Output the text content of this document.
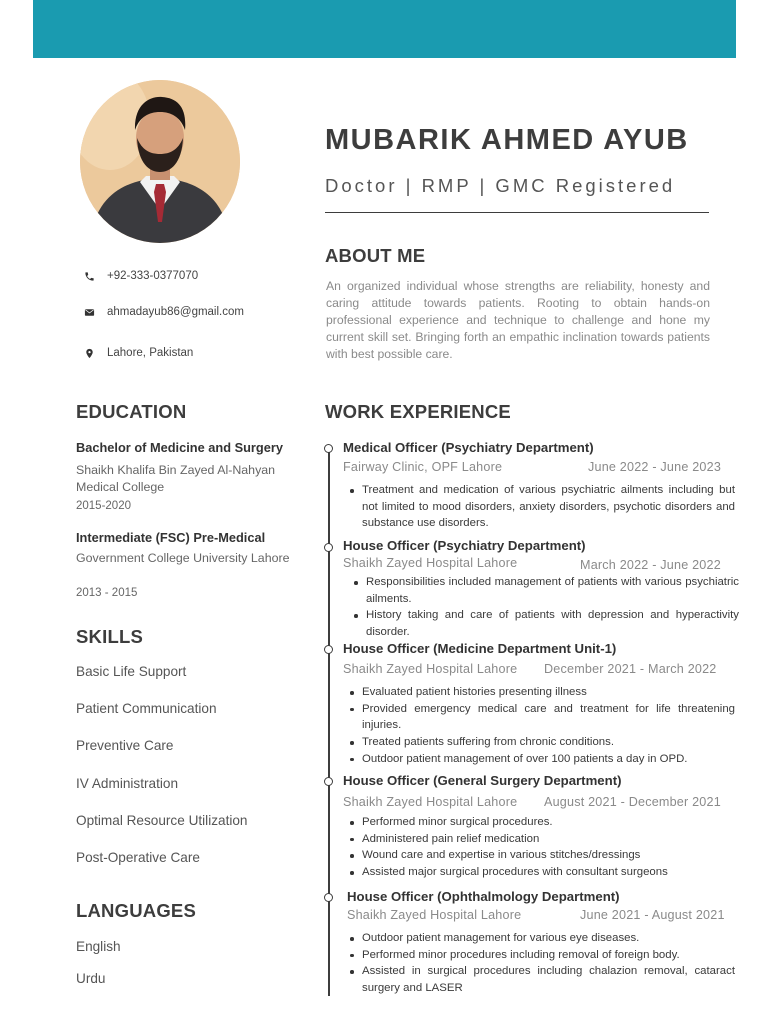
MUBARIK AHMED AYUB
Doctor | RMP | GMC Registered
+92-333-0377070
ahmadayub86@gmail.com
Lahore, Pakistan
ABOUT ME
An organized individual whose strengths are reliability, honesty and caring attitude towards patients. Rooting to obtain hands-on professional experience and technique to challenge and hone my current skill set. Bringing forth an empathic inclination towards patients with best possible care.
EDUCATION
Bachelor of Medicine and Surgery
Shaikh Khalifa Bin Zayed Al-Nahyan Medical College
2015-2020
Intermediate (FSC) Pre-Medical
Government College University Lahore
2013 - 2015
SKILLS
Basic Life Support
Patient Communication
Preventive Care
IV Administration
Optimal Resource Utilization
Post-Operative Care
LANGUAGES
English
Urdu
WORK EXPERIENCE
Medical Officer (Psychiatry Department)
Fairway Clinic, OPF Lahore	June 2022 - June 2023
Treatment and medication of various psychiatric ailments including but not limited to mood disorders, anxiety disorders, psychotic disorders and substance use disorders.
House Officer (Psychiatry Department)
Shaikh Zayed Hospital Lahore	March 2022 - June 2022
Responsibilities included management of patients with various psychiatric ailments.
History taking and care of patients with depression and hyperactivity disorder.
House Officer (Medicine Department Unit-1)
Shaikh Zayed Hospital Lahore December 2021 - March 2022
Evaluated patient histories presenting illness
Provided emergency medical care and treatment for life threatening injuries.
Treated patients suffering from chronic conditions.
Outdoor patient management of over 100 patients a day in OPD.
House Officer (General Surgery Department)
Shaikh Zayed Hospital Lahore August 2021 - December 2021
Performed minor surgical procedures.
Administered pain relief medication
Wound care and expertise in various stitches/dressings
Assisted major surgical procedures with consultant surgeons
House Officer (Ophthalmology Department)
Shaikh Zayed Hospital Lahore	June 2021 - August 2021
Outdoor patient management for various eye diseases.
Performed minor procedures including removal of foreign body.
Assisted in surgical procedures including chalazion removal, cataract surgery and LASER
